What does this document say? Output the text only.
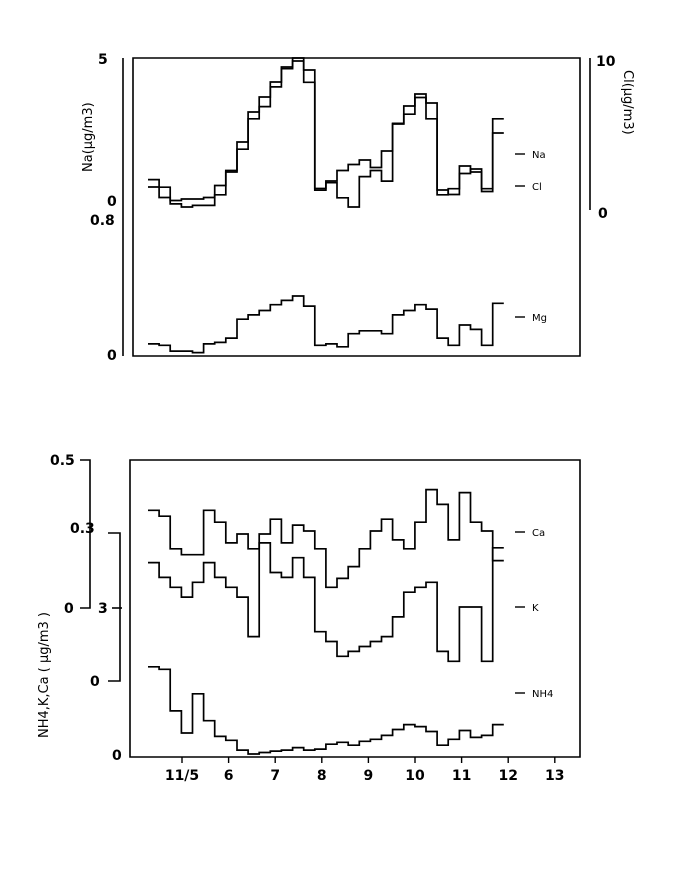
5
0
0.8
0
10
0
Na(µg/m3)	Cl(µg/m3)
Na
Cl
Mg
0.5
0
0.3
0
3
0
NH4,K,Ca ( µg/m3 )
Ca
K
NH4
11/5 6	7	8	9 10 11 12 13
